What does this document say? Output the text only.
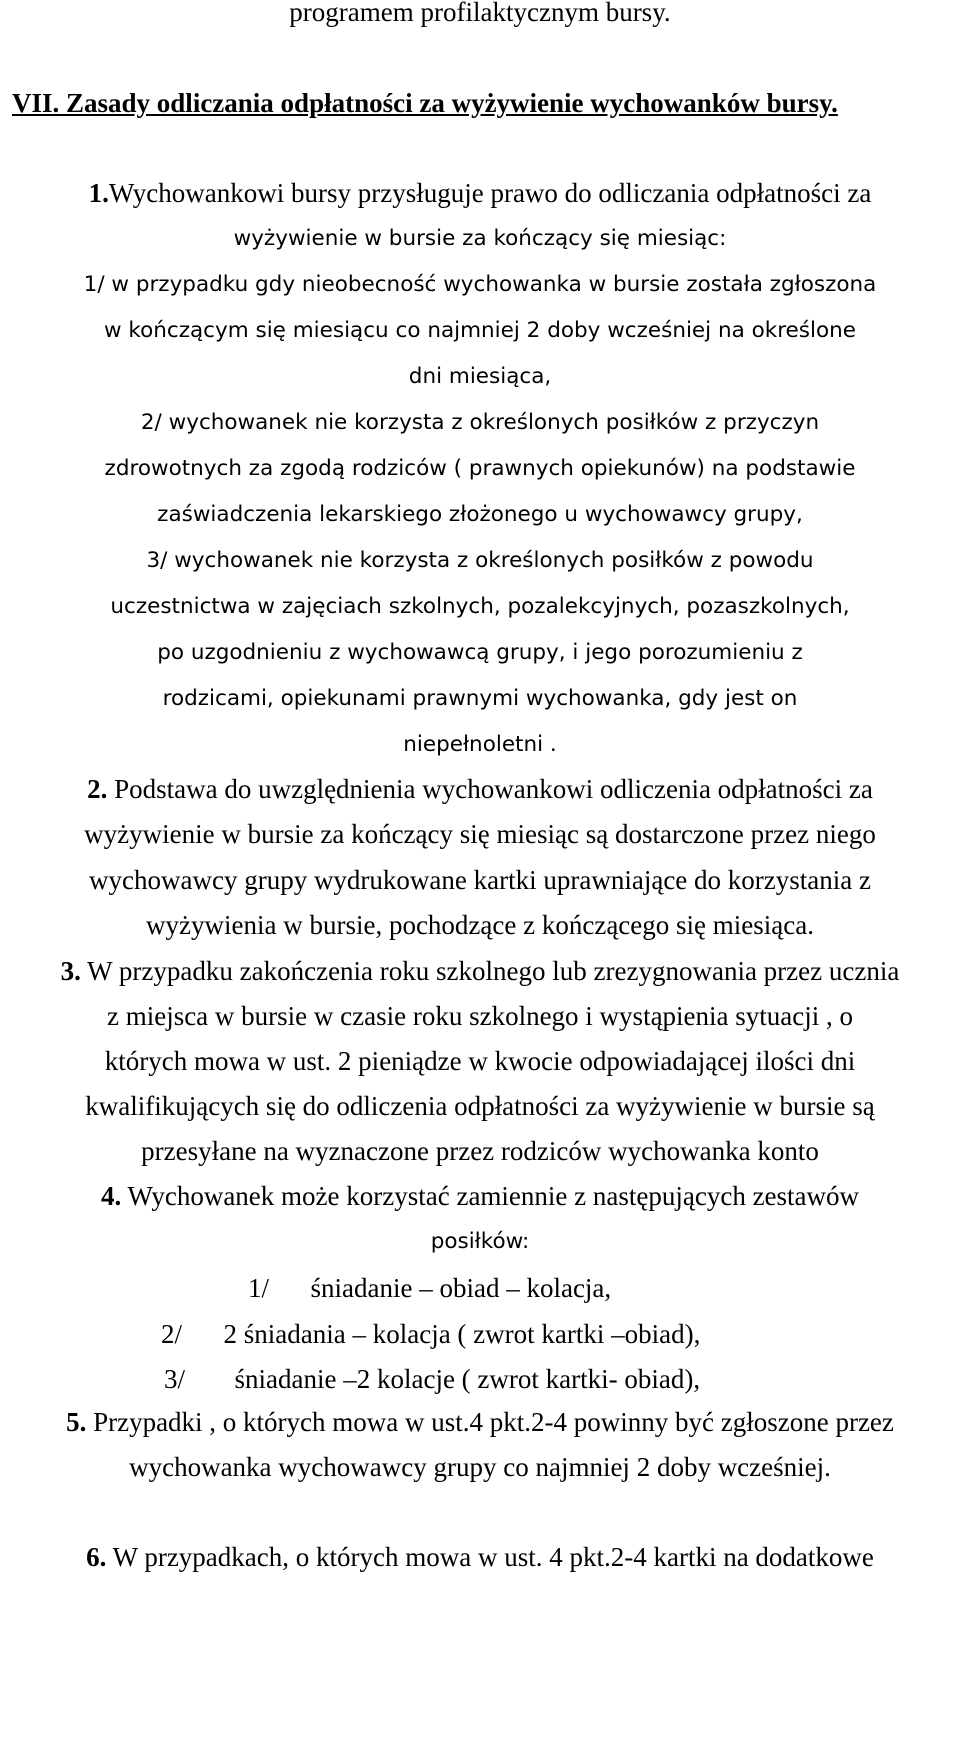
programem profilaktycznym bursy.
VII. Zasady odliczania odpłatności za wyżywienie wychowanków bursy.
1.Wychowankowi bursy przysługuje prawo do odliczania odpłatności za
wyżywienie w bursie za kończący się miesiąc:
1/ w przypadku gdy nieobecność wychowanka w bursie została zgłoszona
w kończącym się miesiącu co najmniej 2 doby wcześniej na określone
dni miesiąca,
2/ wychowanek nie korzysta z określonych posiłków z przyczyn
zdrowotnych za zgodą rodziców ( prawnych opiekunów) na podstawie
zaświadczenia lekarskiego złożonego u wychowawcy grupy,
3/ wychowanek nie korzysta z określonych posiłków z powodu
uczestnictwa w zajęciach szkolnych, pozalekcyjnych, pozaszkolnych,
po uzgodnieniu z wychowawcą grupy, i jego porozumieniu z
rodzicami, opiekunami prawnymi wychowanka, gdy jest on
niepełnoletni .
2. Podstawa do uwzględnienia wychowankowi odliczenia odpłatności za
wyżywienie w bursie za kończący się miesiąc są dostarczone przez niego
wychowawcy grupy wydrukowane kartki uprawniające do korzystania z
wyżywienia w bursie, pochodzące z kończącego się miesiąca.
3. W przypadku zakończenia roku szkolnego lub zrezygnowania przez ucznia
z miejsca w bursie w czasie roku szkolnego i wystąpienia sytuacji , o
których mowa w ust. 2 pieniądze w kwocie odpowiadającej ilości dni
kwalifikujących się do odliczenia odpłatności za wyżywienie w bursie są
przesyłane na wyznaczone przez rodziców wychowanka konto
4. Wychowanek może korzystać zamiennie z następujących zestawów
posiłków:
1/ śniadanie – obiad – kolacja,
2/ 2 śniadania – kolacja ( zwrot kartki –obiad),
3/ śniadanie –2 kolacje ( zwrot kartki- obiad),
5. Przypadki , o których mowa w ust.4 pkt.2-4 powinny być zgłoszone przez
wychowanka wychowawcy grupy co najmniej 2 doby wcześniej.
6. W przypadkach, o których mowa w ust. 4 pkt.2-4 kartki na dodatkowe
